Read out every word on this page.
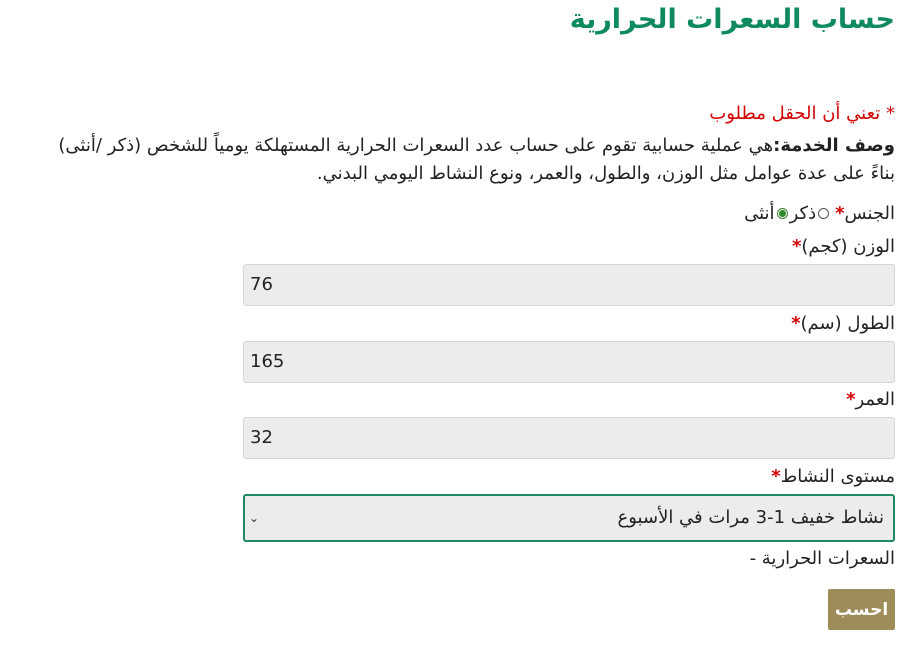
حساب السعرات الحرارية
* تعني أن الحقل مطلوب
وصف الخدمة:هي عملية حسابية تقوم على حساب عدد السعرات الحرارية المستهلكة يومياً للشخص (ذكر /أنثى) بناءً على عدة عوامل مثل الوزن، والطول، والعمر، ونوع النشاط اليومي البدني.
الجنس
*
ذكر
أنثى
الوزن (كجم)*
76
الطول (سم)*
165
العمر*
32
مستوى النشاط*
نشاط خفيف 1-3 مرات في الأسبوع
⌄
السعرات الحرارية -
احسب
